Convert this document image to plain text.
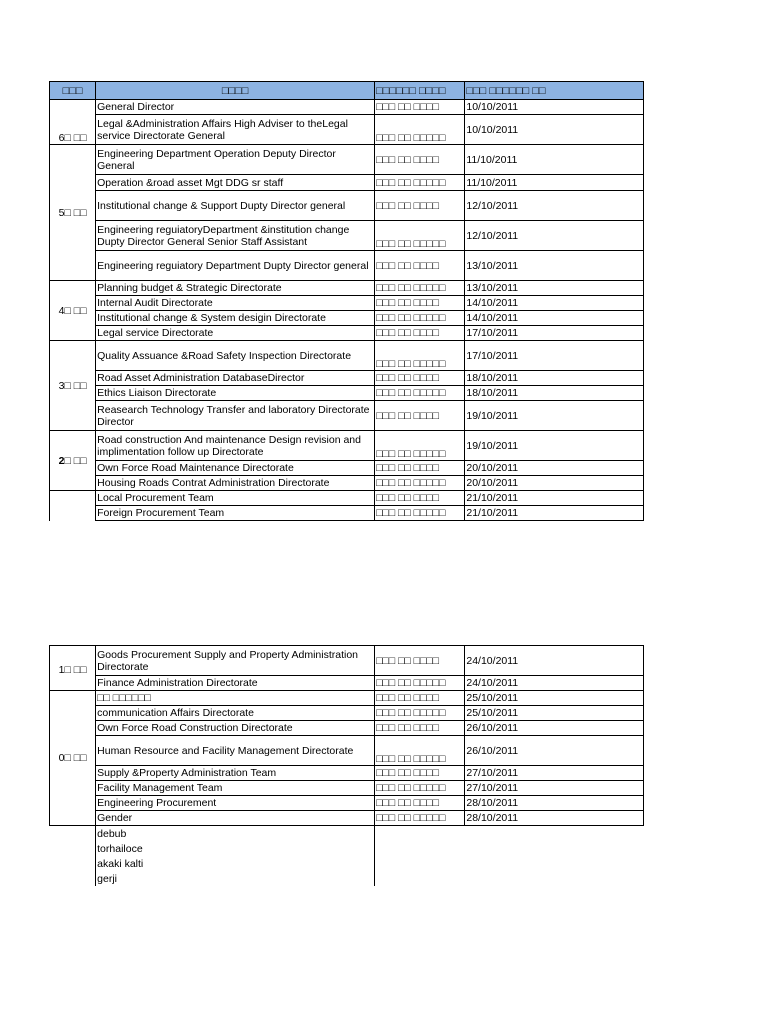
□□□	□□□□	□□□□□□ □□□□	□□□ □□□□□□ □□
6□ □□	General Director	□□□ □□ □□□□	10/10/2011
	Legal &Administration Affairs High Adviser to theLegal service Directorate General	□□□ □□ □□□□□	10/10/2011
5□ □□	Engineering Department Operation Deputy Director General	□□□ □□ □□□□	11/10/2011
	Operation &road asset Mgt DDG sr staff	□□□ □□ □□□□□	11/10/2011
	Institutional change & Support Dupty Director general	□□□ □□ □□□□	12/10/2011
	Engineering reguiatoryDepartment &institution change Dupty Director General Senior Staff Assistant	□□□ □□ □□□□□	12/10/2011
	Engineering reguiatory Department Dupty Director general	□□□ □□ □□□□	13/10/2011
4□ □□	Planning budget & Strategic Directorate	□□□ □□ □□□□□	13/10/2011
	Internal Audit Directorate	□□□ □□ □□□□	14/10/2011
	Institutional change & System desigin Directorate	□□□ □□ □□□□□	14/10/2011
	Legal service Directorate	□□□ □□ □□□□	17/10/2011
3□ □□	Quality Assuance &Road Safety Inspection Directorate	□□□ □□ □□□□□	17/10/2011
	Road Asset Administration DatabaseDirector	□□□ □□ □□□□	18/10/2011
	Ethics Liaison Directorate	□□□ □□ □□□□□	18/10/2011
	Reasearch Technology Transfer and laboratory Directorate Director	□□□ □□ □□□□	19/10/2011
2□ □□	Road construction And maintenance Design revision and implimentation follow up Directorate	□□□ □□ □□□□□	19/10/2011
	Own Force Road Maintenance Directorate	□□□ □□ □□□□	20/10/2011
	Housing Roads Contrat Administration Directorate	□□□ □□ □□□□□	20/10/2011
	Local Procurement Team	□□□ □□ □□□□	21/10/2011
	Foreign Procurement Team	□□□ □□ □□□□□	21/10/2011
1□ □□	Goods Procurement Supply and Property Administration Directorate	□□□ □□ □□□□	24/10/2011
	Finance Administration Directorate	□□□ □□ □□□□□	24/10/2011
0□ □□	□□ □□□□□□	□□□ □□ □□□□	25/10/2011
	communication Affairs Directorate	□□□ □□ □□□□□	25/10/2011
	Own Force Road Construction Directorate	□□□ □□ □□□□	26/10/2011
	Human Resource and Facility Management Directorate	□□□ □□ □□□□□	26/10/2011
	Supply &Property Administration Team	□□□ □□ □□□□	27/10/2011
	Facility Management Team	□□□ □□ □□□□□	27/10/2011
	Engineering Procurement	□□□ □□ □□□□	28/10/2011
	Gender	□□□ □□ □□□□□	28/10/2011
	debub		
	torhailoce		
	akaki kalti		
	gerji		
